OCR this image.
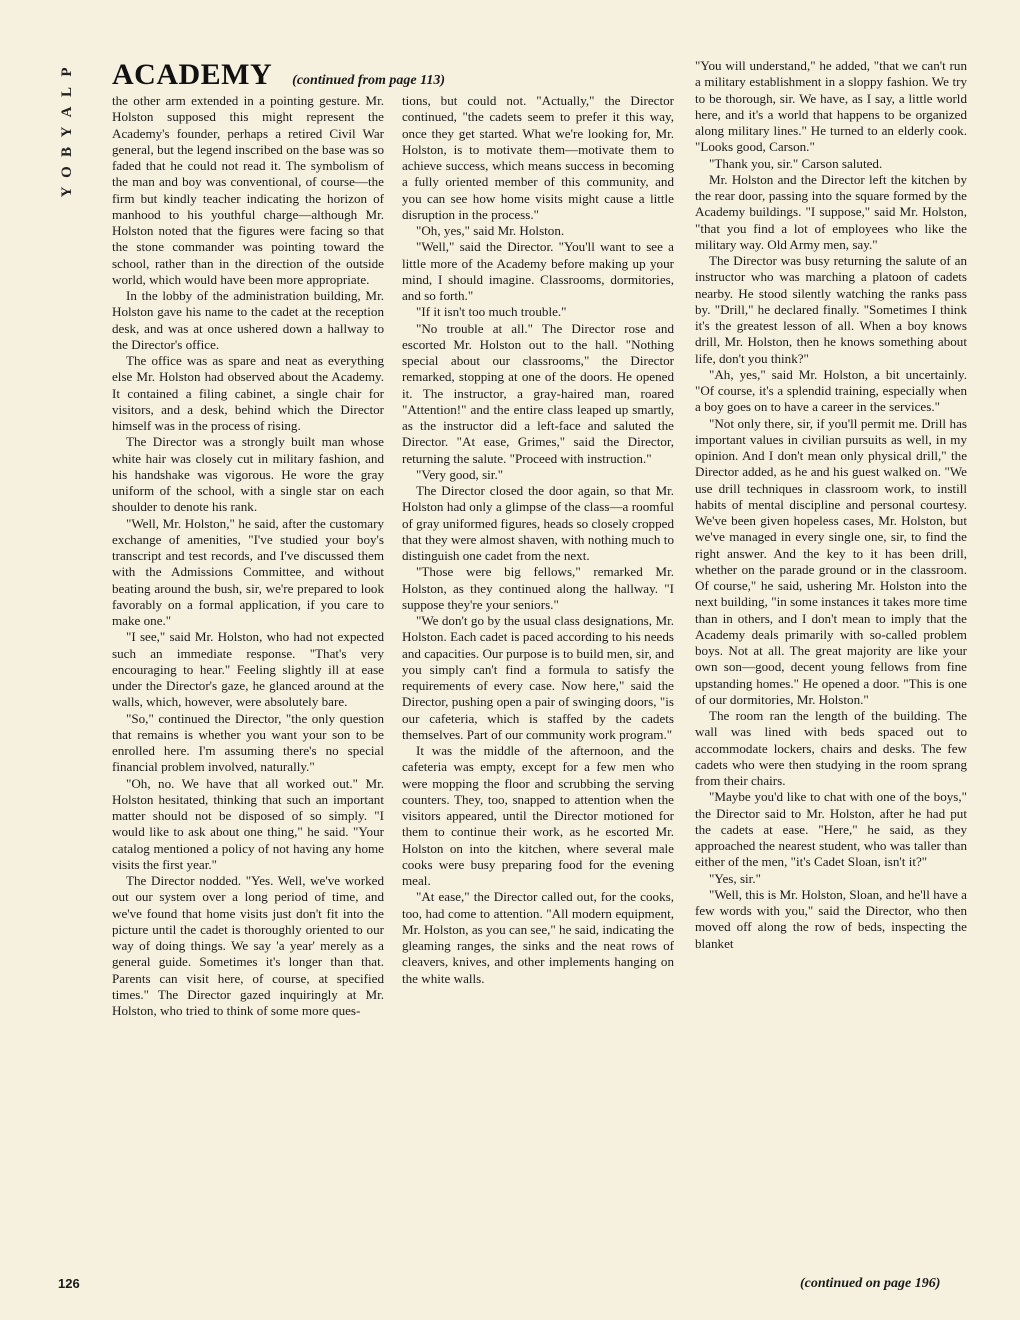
P
L
A
Y
B
O
Y
ACADEMY (continued from page 113)

the other arm extended in a pointing gesture. Mr. Holston supposed this might represent the Academy's founder, perhaps a retired Civil War general, but the legend inscribed on the base was so faded that he could not read it. The symbolism of the man and boy was conventional, of course—the firm but kindly teacher indicating the horizon of manhood to his youthful charge—although Mr. Holston noted that the figures were facing so that the stone commander was pointing toward the school, rather than in the direction of the outside world, which would have been more appropriate.

In the lobby of the administration building, Mr. Holston gave his name to the cadet at the reception desk, and was at once ushered down a hallway to the Director's office.

The office was as spare and neat as everything else Mr. Holston had observed about the Academy. It contained a filing cabinet, a single chair for visitors, and a desk, behind which the Director himself was in the process of rising.

The Director was a strongly built man whose white hair was closely cut in military fashion, and his handshake was vigorous. He wore the gray uniform of the school, with a single star on each shoulder to denote his rank.

"Well, Mr. Holston," he said, after the customary exchange of amenities, "I've studied your boy's transcript and test records, and I've discussed them with the Admissions Committee, and without beating around the bush, sir, we're prepared to look favorably on a formal application, if you care to make one."

"I see," said Mr. Holston, who had not expected such an immediate response. "That's very encouraging to hear." Feeling slightly ill at ease under the Director's gaze, he glanced around at the walls, which, however, were absolutely bare.

"So," continued the Director, "the only question that remains is whether you want your son to be enrolled here. I'm assuming there's no special financial problem involved, naturally."

"Oh, no. We have that all worked out." Mr. Holston hesitated, thinking that such an important matter should not be disposed of so simply. "I would like to ask about one thing," he said. "Your catalog mentioned a policy of not having any home visits the first year."

The Director nodded. "Yes. Well, we've worked out our system over a long period of time, and we've found that home visits just don't fit into the picture until the cadet is thoroughly oriented to our way of doing things. We say 'a year' merely as a general guide. Sometimes it's longer than that. Parents can visit here, of course, at specified times." The Director gazed inquiringly at Mr. Holston, who tried to think of some more ques-

tions, but could not. "Actually," the Director continued, "the cadets seem to prefer it this way, once they get started. What we're looking for, Mr. Holston, is to motivate them—motivate them to achieve success, which means success in becoming a fully oriented member of this community, and you can see how home visits might cause a little disruption in the process."

"Oh, yes," said Mr. Holston.

"Well," said the Director. "You'll want to see a little more of the Academy before making up your mind, I should imagine. Classrooms, dormitories, and so forth."

"If it isn't too much trouble."

"No trouble at all." The Director rose and escorted Mr. Holston out to the hall. "Nothing special about our classrooms," the Director remarked, stopping at one of the doors. He opened it. The instructor, a gray-haired man, roared "Attention!" and the entire class leaped up smartly, as the instructor did a left-face and saluted the Director. "At ease, Grimes," said the Director, returning the salute. "Proceed with instruction."

"Very good, sir."

The Director closed the door again, so that Mr. Holston had only a glimpse of the class—a roomful of gray uniformed figures, heads so closely cropped that they were almost shaven, with nothing much to distinguish one cadet from the next.

"Those were big fellows," remarked Mr. Holston, as they continued along the hallway. "I suppose they're your seniors."

"We don't go by the usual class designations, Mr. Holston. Each cadet is paced according to his needs and capacities. Our purpose is to build men, sir, and you simply can't find a formula to satisfy the requirements of every case. Now here," said the Director, pushing open a pair of swinging doors, "is our cafeteria, which is staffed by the cadets themselves. Part of our community work program."

It was the middle of the afternoon, and the cafeteria was empty, except for a few men who were mopping the floor and scrubbing the serving counters. They, too, snapped to attention when the visitors appeared, until the Director motioned for them to continue their work, as he escorted Mr. Holston on into the kitchen, where several male cooks were busy preparing food for the evening meal.

"At ease," the Director called out, for the cooks, too, had come to attention. "All modern equipment, Mr. Holston, as you can see," he said, indicating the gleaming ranges, the sinks and the neat rows of cleavers, knives, and other implements hanging on the white walls.

"You will understand," he added, "that we can't run a military establishment in a sloppy fashion. We try to be thorough, sir. We have, as I say, a little world here, and it's a world that happens to be organized along military lines." He turned to an elderly cook. "Looks good, Carson."

"Thank you, sir." Carson saluted.

Mr. Holston and the Director left the kitchen by the rear door, passing into the square formed by the Academy buildings. "I suppose," said Mr. Holston, "that you find a lot of employees who like the military way. Old Army men, say."

The Director was busy returning the salute of an instructor who was marching a platoon of cadets nearby. He stood silently watching the ranks pass by. "Drill," he declared finally. "Sometimes I think it's the greatest lesson of all. When a boy knows drill, Mr. Holston, then he knows something about life, don't you think?"

"Ah, yes," said Mr. Holston, a bit uncertainly. "Of course, it's a splendid training, especially when a boy goes on to have a career in the services."

"Not only there, sir, if you'll permit me. Drill has important values in civilian pursuits as well, in my opinion. And I don't mean only physical drill," the Director added, as he and his guest walked on. "We use drill techniques in classroom work, to instill habits of mental discipline and personal courtesy. We've been given hopeless cases, Mr. Holston, but we've managed in every single one, sir, to find the right answer. And the key to it has been drill, whether on the parade ground or in the classroom. Of course," he said, ushering Mr. Holston into the next building, "in some instances it takes more time than in others, and I don't mean to imply that the Academy deals primarily with so-called problem boys. Not at all. The great majority are like your own son—good, decent young fellows from fine upstanding homes." He opened a door. "This is one of our dormitories, Mr. Holston."

The room ran the length of the building. The wall was lined with beds spaced out to accommodate lockers, chairs and desks. The few cadets who were then studying in the room sprang from their chairs.

"Maybe you'd like to chat with one of the boys," the Director said to Mr. Holston, after he had put the cadets at ease. "Here," he said, as they approached the nearest student, who was taller than either of the men, "it's Cadet Sloan, isn't it?"

"Yes, sir."

"Well, this is Mr. Holston, Sloan, and he'll have a few words with you," said the Director, who then moved off along the row of beds, inspecting the blanket

126	(continued on page 196)
